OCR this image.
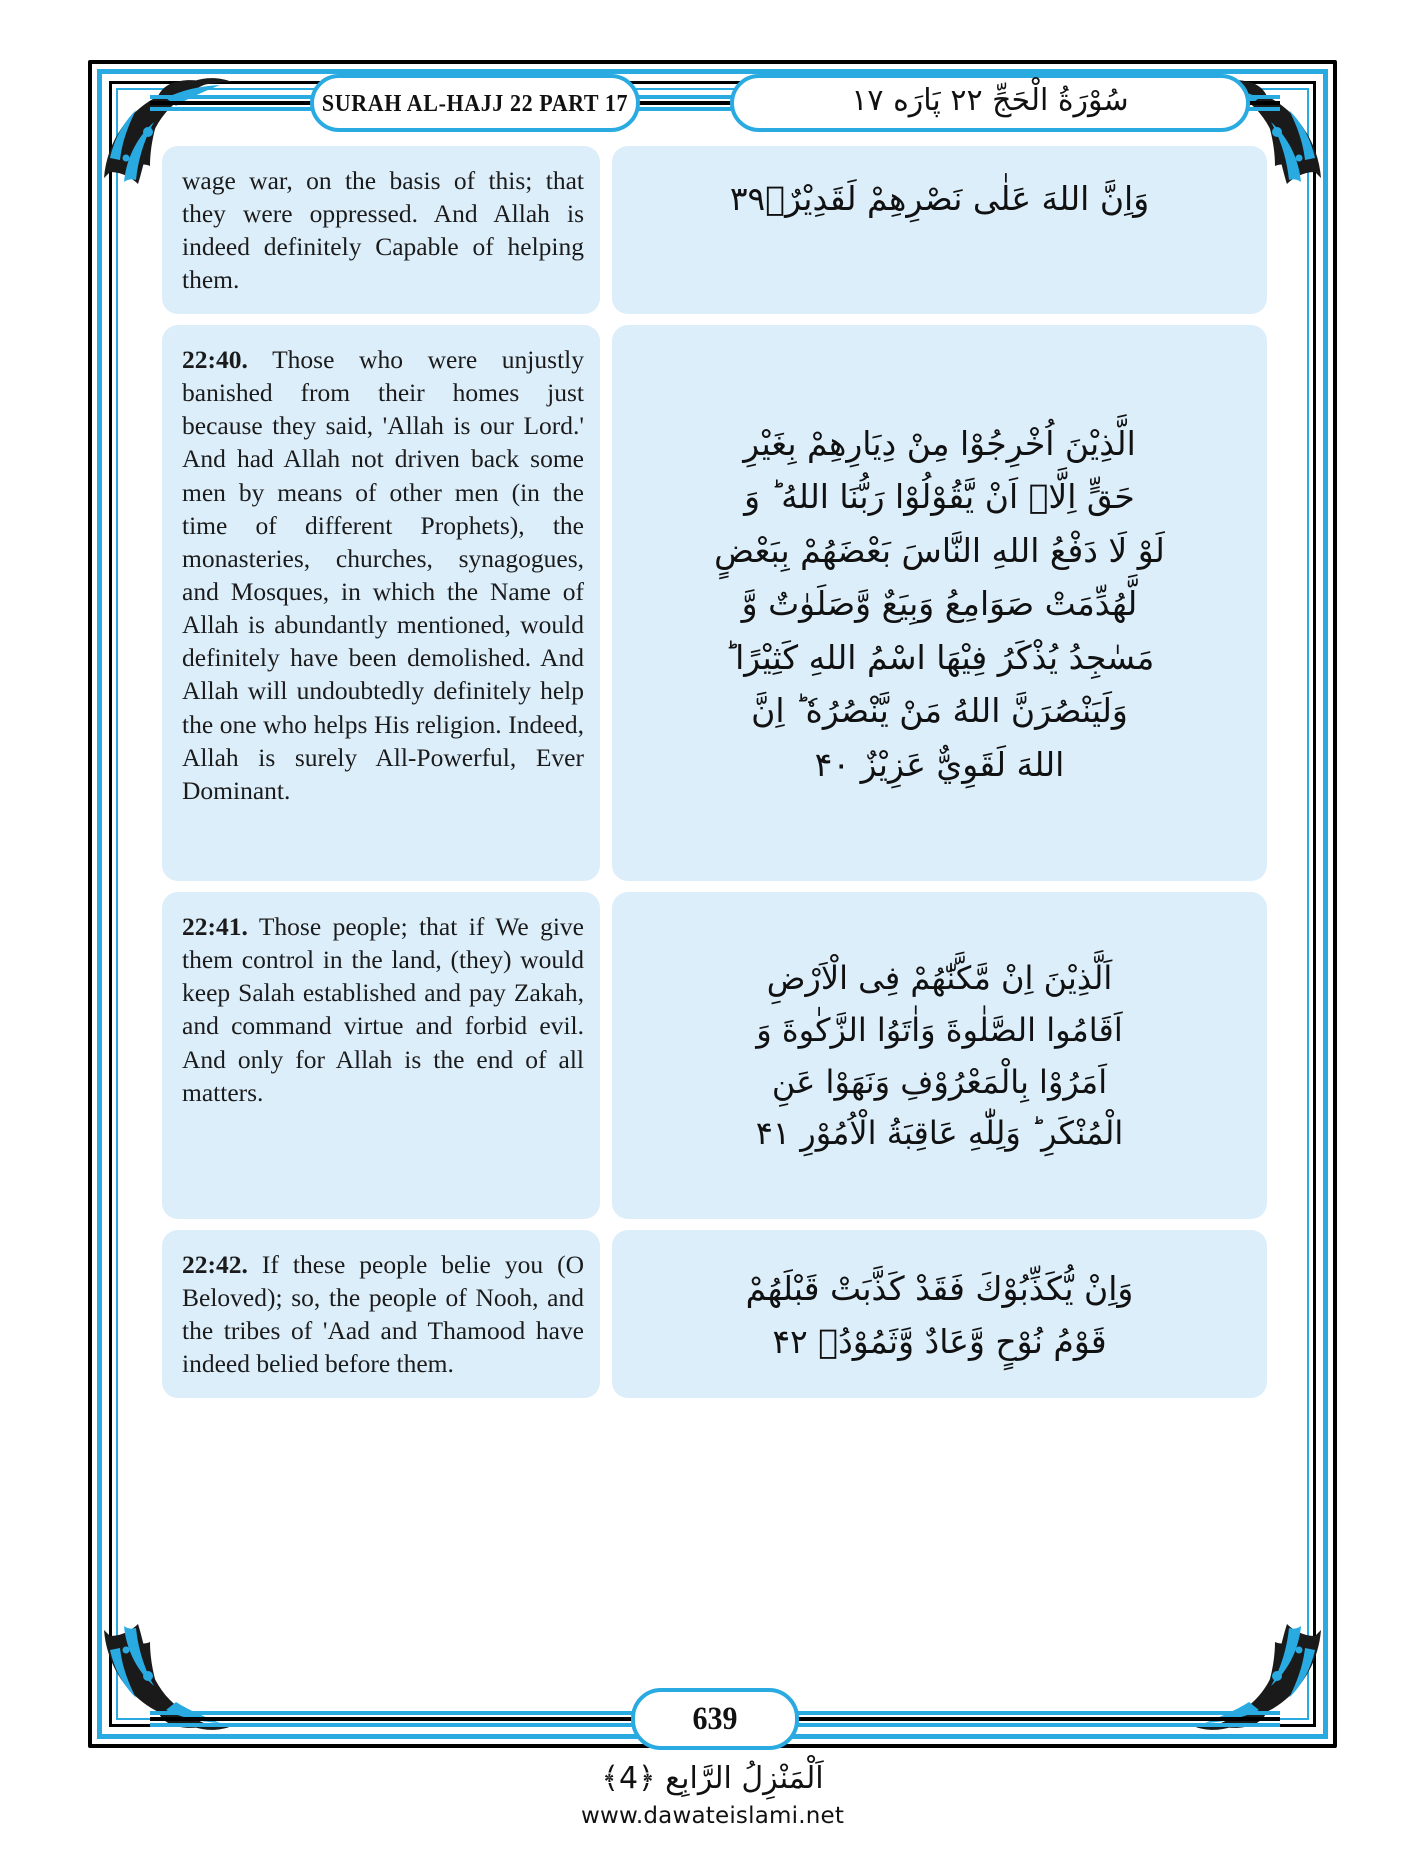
SURAH AL-HAJJ 22 PART 17	سُوْرَةُ الْحَجِّ ٢٢ پَارَه ١٧

wage war, on the basis of this; that they were oppressed. And Allah is indeed definitely Capable of helping them.

وَاِنَّ اللهَ عَلٰى نَصْرِهِمْ لَقَدِيْرٌۙ۳۹

22:40. Those who were unjustly banished from their homes just because they said, 'Allah is our Lord.' And had Allah not driven back some men by means of other men (in the time of different Prophets), the monasteries, churches, synagogues, and Mosques, in which the Name of Allah is abundantly mentioned, would definitely have been demolished. And Allah will undoubtedly definitely help the one who helps His religion. Indeed, Allah is surely All-Powerful, Ever Dominant.

الَّذِيْنَ اُخْرِجُوْا مِنْ دِيَارِهِمْ بِغَيْرِ
حَقٍّ اِلَّاۤ اَنْ يَّقُوْلُوْا رَبُّنَا اللهُ ؕ وَ
لَوْ لَا دَفْعُ اللهِ النَّاسَ بَعْضَهُمْ بِبَعْضٍ
لَّهُدِّمَتْ صَوَامِعُ وَبِيَعٌ وَّصَلَوٰتٌ وَّ
مَسٰجِدُ يُذْكَرُ فِيْهَا اسْمُ اللهِ كَثِيْرًا ؕ
وَلَيَنْصُرَنَّ اللهُ مَنْ يَّنْصُرُهٗ ؕ اِنَّ
اللهَ لَقَوِيٌّ عَزِيْزٌ ۴۰

22:41. Those people; that if We give them control in the land, (they) would keep Salah established and pay Zakah, and command virtue and forbid evil. And only for Allah is the end of all matters.

اَلَّذِيْنَ اِنْ مَّكَّنّٰهُمْ فِى الْاَرْضِ
اَقَامُوا الصَّلٰوةَ وَاٰتَوُا الزَّكٰوةَ وَ
اَمَرُوْا بِالْمَعْرُوْفِ وَنَهَوْا عَنِ
الْمُنْكَرِ ؕ وَلِلّٰهِ عَاقِبَةُ الْاُمُوْرِ ۴۱

22:42. If these people belie you (O Beloved); so, the people of Nooh, and the tribes of 'Aad and Thamood have indeed belied before them.

وَاِنْ يُّكَذِّبُوْكَ فَقَدْ كَذَّبَتْ قَبْلَهُمْ
قَوْمُ نُوْحٍ وَّعَادٌ وَّثَمُوْدُۙ ۴۲
639
اَلْمَنْزِلُ الرَّابِع ﴿4﴾
www.dawateislami.net
